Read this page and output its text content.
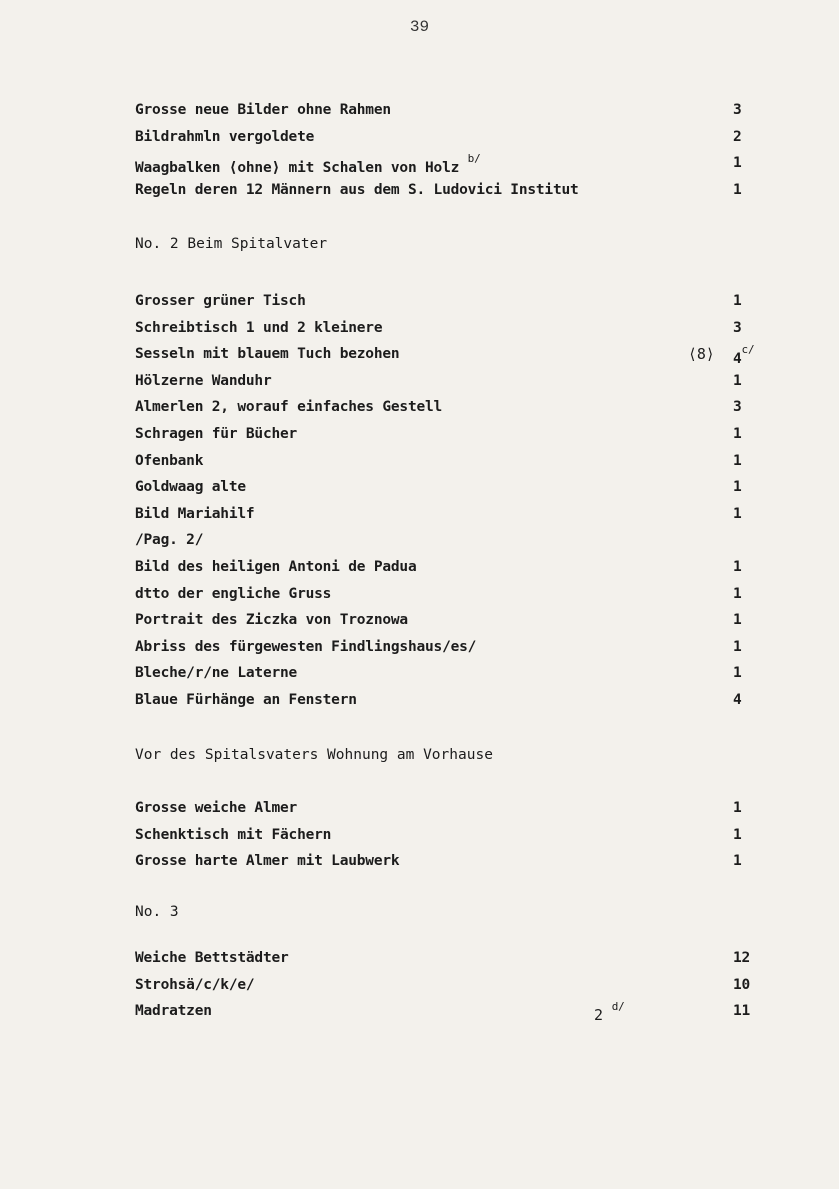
39
Grosse neue Bilder ohne Rahmen	3
Bildrahmln vergoldete	2
Waagbalken ⟨ohne⟩ mit Schalen von Holz $^{b/}$	1
Regeln deren 12 Männern aus dem S. Ludovici Institut	1
No. 2 Beim Spitalvater
Grosser grüner Tisch	1
Schreibtisch 1 und 2 kleinere	3
Sesseln mit blauem Tuch bezohen	⟨8⟩ $4^{c/}$
Hölzerne Wanduhr	1
Almerlen 2, worauf einfaches Gestell	3
Schragen für Bücher	1
Ofenbank	1
Goldwaag alte	1
Bild Mariahilf	1
/Pag. 2/
Bild des heiligen Antoni de Padua	1
dtto der engliche Gruss	1
Portrait des Ziczka von Troznowa	1
Abriss des fürgewesten Findlingshaus/es/	1
Bleche/r/ne Laterne	1
Blaue Fürhänge an Fenstern	4
Vor des Spitalsvaters Wohnung am Vorhause
Grosse weiche Almer	1
Schenktisch mit Fächern	1
Grosse harte Almer mit Laubwerk	1
No. 3
Weiche Bettstädter	12
Strohsä/c/k/e/	10
Madratzen	2 $^{d/}$	11
